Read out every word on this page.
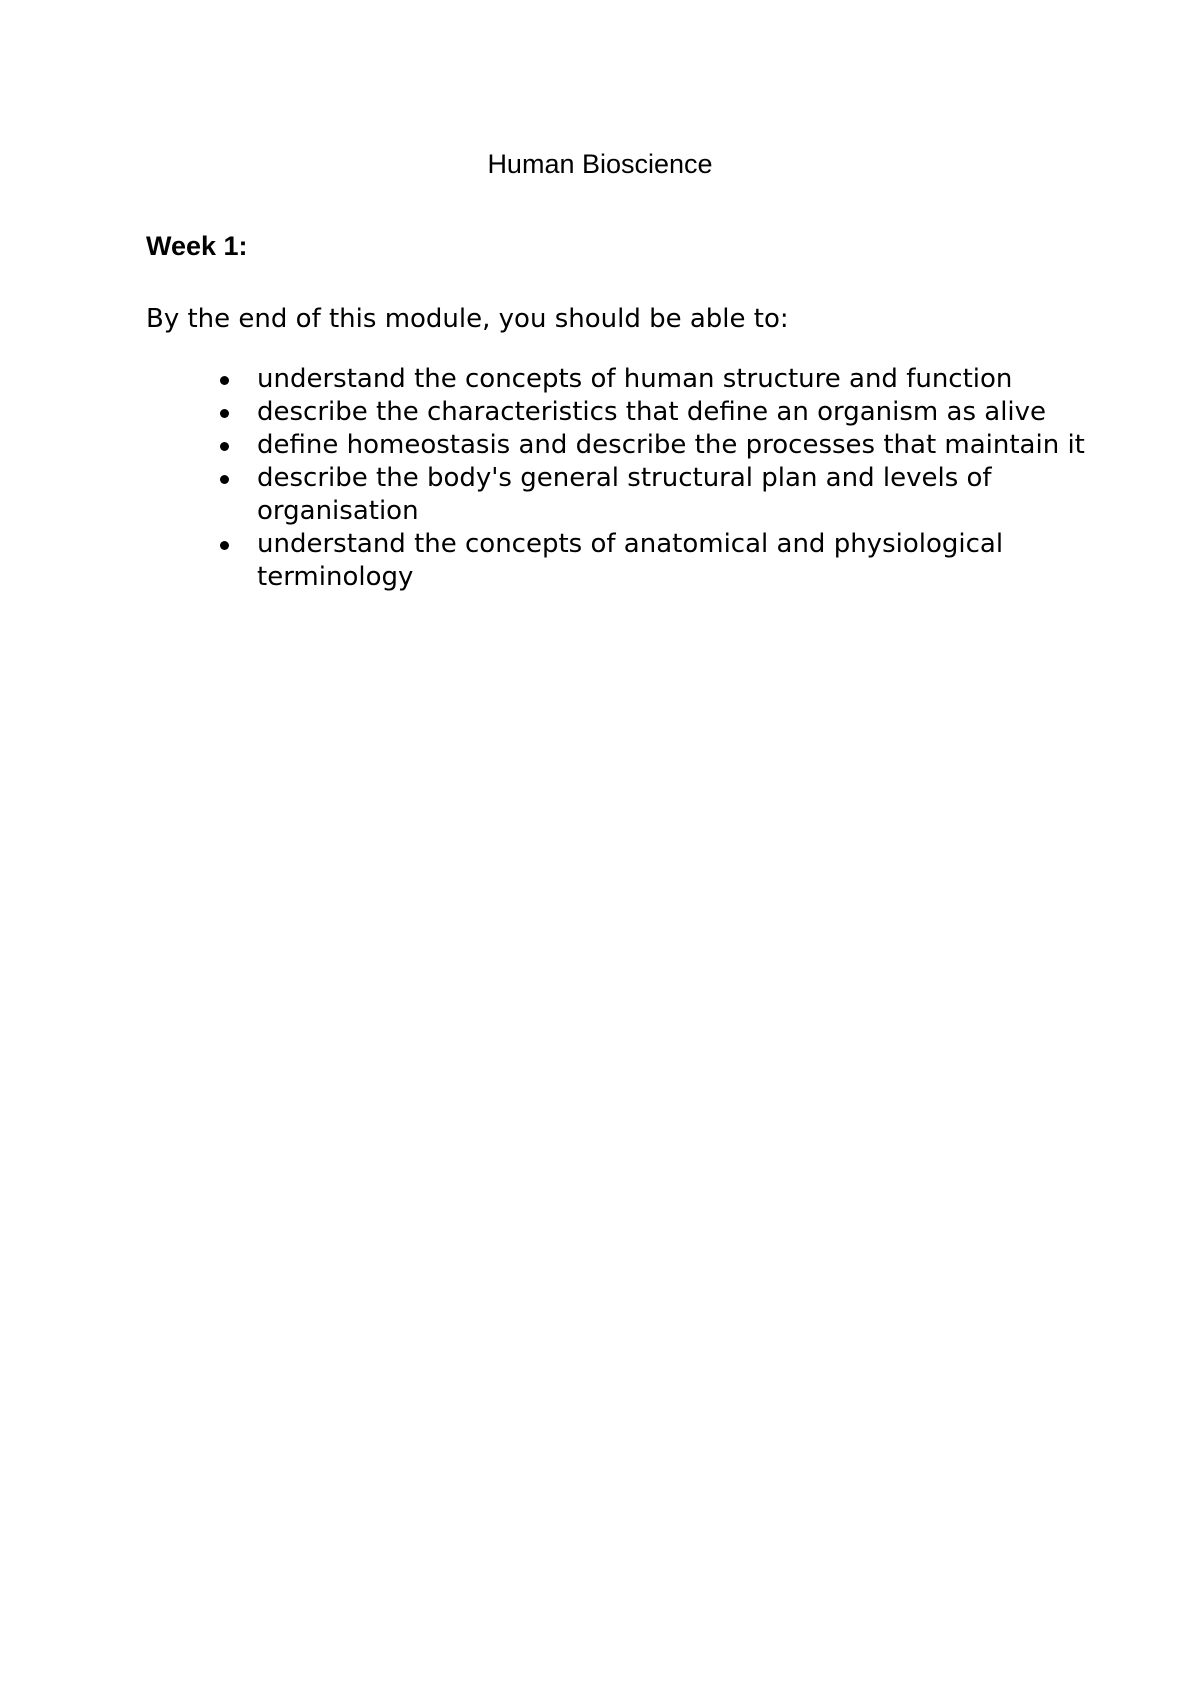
Human Bioscience
Week 1:

By the end of this module, you should be able to:

understand the concepts of human structure and function
describe the characteristics that define an organism as alive
define homeostasis and describe the processes that maintain it
describe the body's general structural plan and levels of organisation
understand the concepts of anatomical and physiological terminology
